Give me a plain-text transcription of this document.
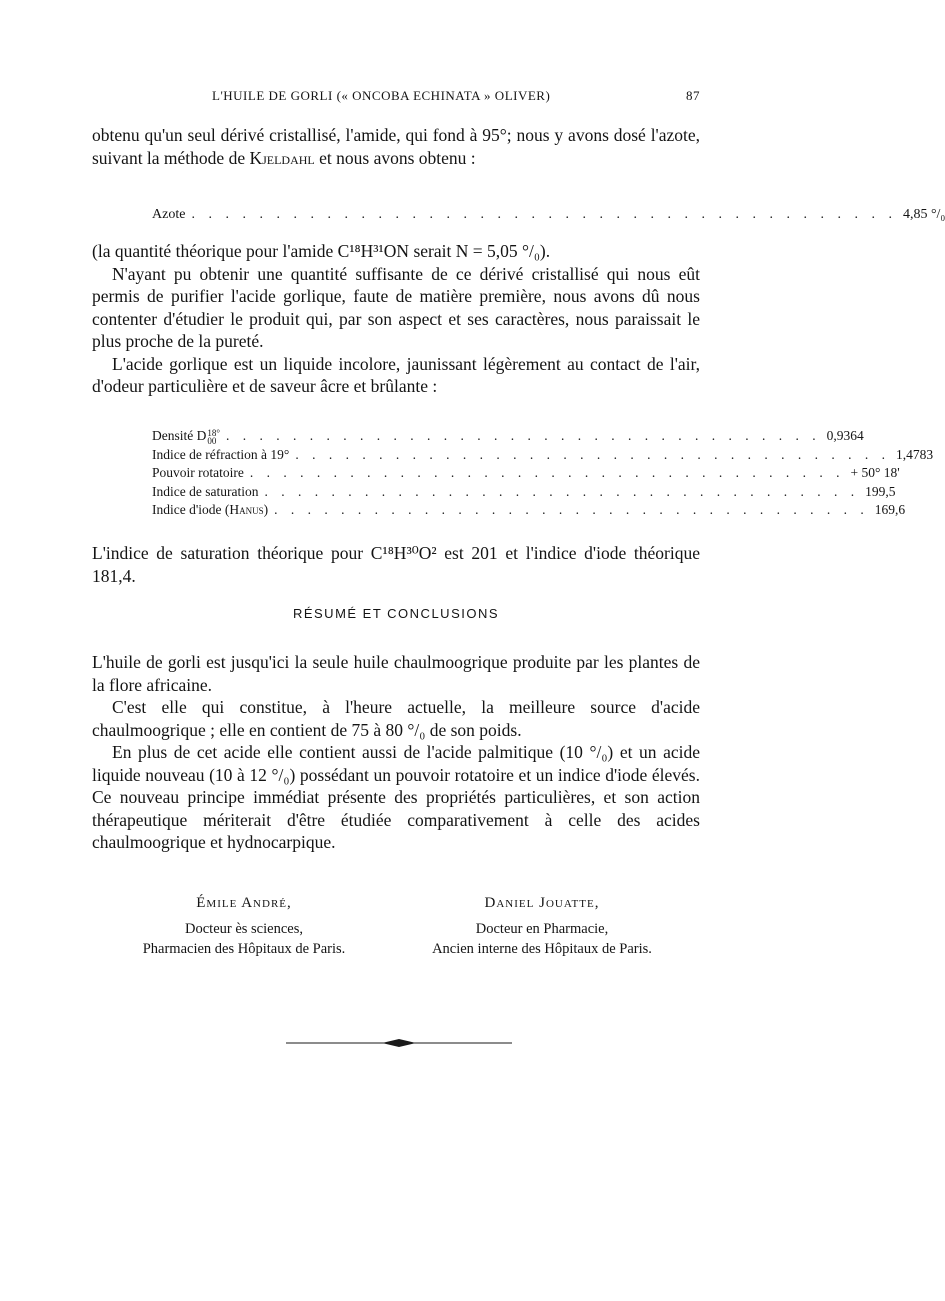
L'HUILE DE GORLI (« ONCOBA ECHINATA » OLIVER)	87

obtenu qu'un seul dérivé cristallisé, l'amide, qui fond à 95°; nous y avons dosé l'azote, suivant la méthode de Kjeldahl et nous avons obtenu :

Azote . . . . . . . . . . . . . . . . . . . . . . . . . . . . . . . . . . . . . . . . . . 4,85 °/₀

(la quantité théorique pour l'amide C¹⁸H³¹ON serait N = 5,05 °/₀).

N'ayant pu obtenir une quantité suffisante de ce dérivé cristallisé qui nous eût permis de purifier l'acide gorlique, faute de matière première, nous avons dû nous contenter d'étudier le produit qui, par son aspect et ses caractères, nous paraissait le plus proche de la pureté.

L'acide gorlique est un liquide incolore, jaunissant légèrement au contact de l'air, d'odeur particulière et de saveur âcre et brûlante :

Densité D 18°
00 . . . . . . . . . . . . . . . . . . . . . . . . . . . . . . . . . . . . 0,9364
Indice de réfraction à 19° . . . . . . . . . . . . . . . . . . . . . . . . . . . . . . . . . . . . 1,4783
Pouvoir rotatoire . . . . . . . . . . . . . . . . . . . . . . . . . . . . . . . . . . . . + 50° 18'
Indice de saturation . . . . . . . . . . . . . . . . . . . . . . . . . . . . . . . . . . . . 199,5
Indice d'iode (Hanus) . . . . . . . . . . . . . . . . . . . . . . . . . . . . . . . . . . . . 169,6

L'indice de saturation théorique pour C¹⁸H³⁰O² est 201 et l'indice d'iode théorique 181,4.

RÉSUMÉ ET CONCLUSIONS

L'huile de gorli est jusqu'ici la seule huile chaulmoogrique produite par les plantes de la flore africaine.

C'est elle qui constitue, à l'heure actuelle, la meilleure source d'acide chaulmoogrique ; elle en contient de 75 à 80 °/₀ de son poids.

En plus de cet acide elle contient aussi de l'acide palmitique (10 °/₀) et un acide liquide nouveau (10 à 12 °/₀) possédant un pouvoir rotatoire et un indice d'iode élevés. Ce nouveau principe immédiat présente des propriétés particulières, et son action thérapeutique mériterait d'être étudiée comparativement à celle des acides chaulmoogrique et hydnocarpique.

Émile André,
Docteur ès sciences,
Pharmacien des Hôpitaux de Paris.
Daniel Jouatte,
Docteur en Pharmacie,
Ancien interne des Hôpitaux de Paris.
